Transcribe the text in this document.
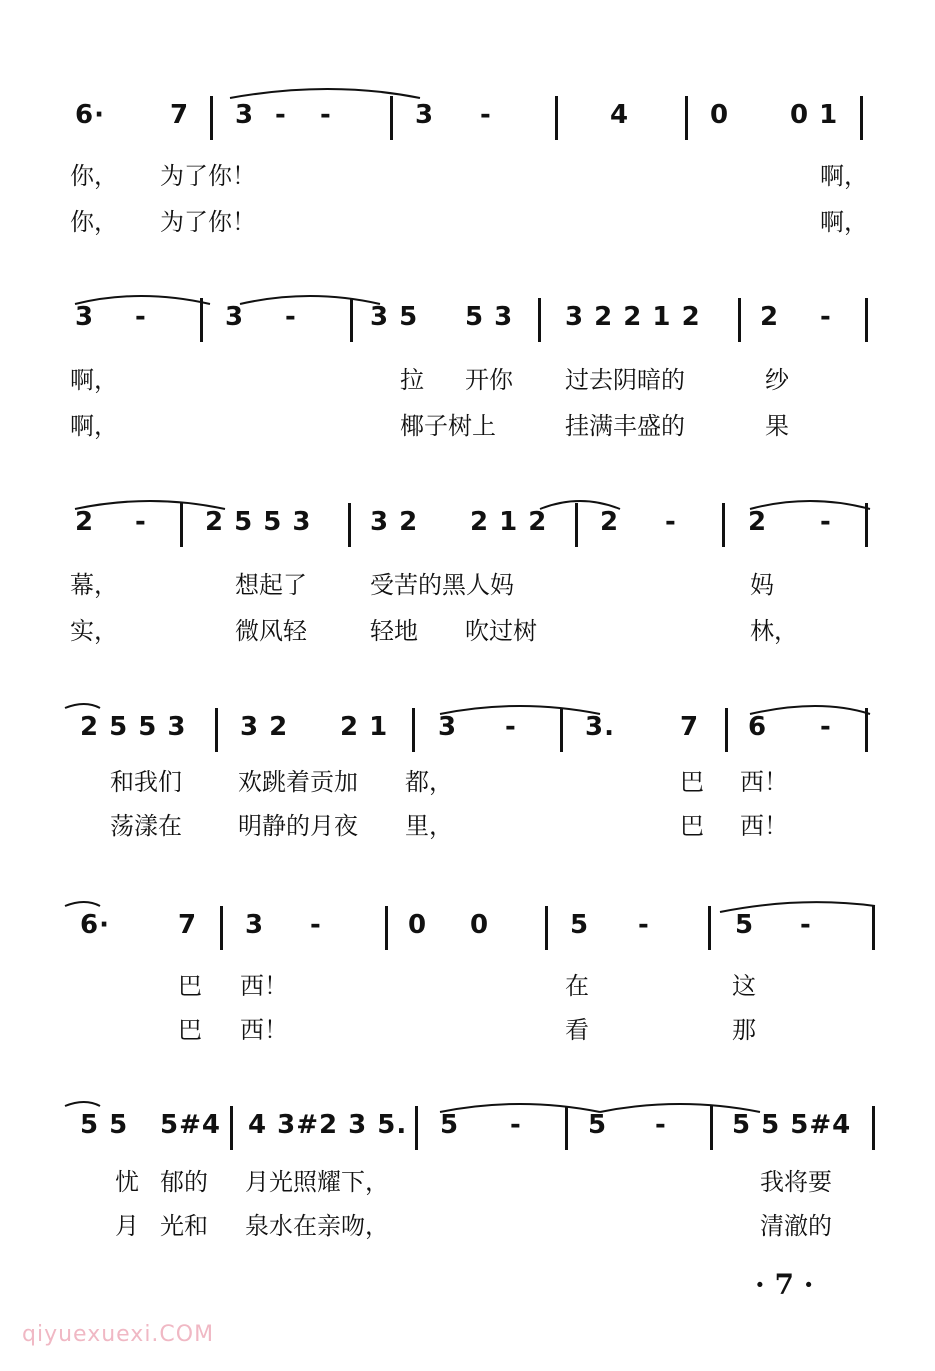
6·	7 3 - -	3 -	4	0 0 1
你， 为了你！	啊，
你， 为了你！	啊，
3 -	3 -	3 5 5 3 3 2 2 1 2 2 -
啊，	拉 开你 过去阴暗的	纱
啊，	椰子树上	挂满丰盛的	果
2 - 2 5 5 3 3 2 2 1 2 2 -	2 -
幕，	想起了	受苦的黑人妈	妈
实，	微风轻	轻地 吹过树	林，
2 5 5 3 3 2 2 1 3 -	3.	7 6 -
和我们 欢跳着贡加 都，	巴 西！
荡漾在 明静的月夜 里，	巴 西！
6·	7 3 -	0 0	5 -	5 -
巴 西！	在	这
巴 西！	看	那
5 5 5#4 4 3#2 3 5. 5 -	5 -	5 5 5#4
忧 郁的 月光照耀下，	我将要
月 光和 泉水在亲吻，	清澈的
· 7 ·
qiyuexuexi.COM
